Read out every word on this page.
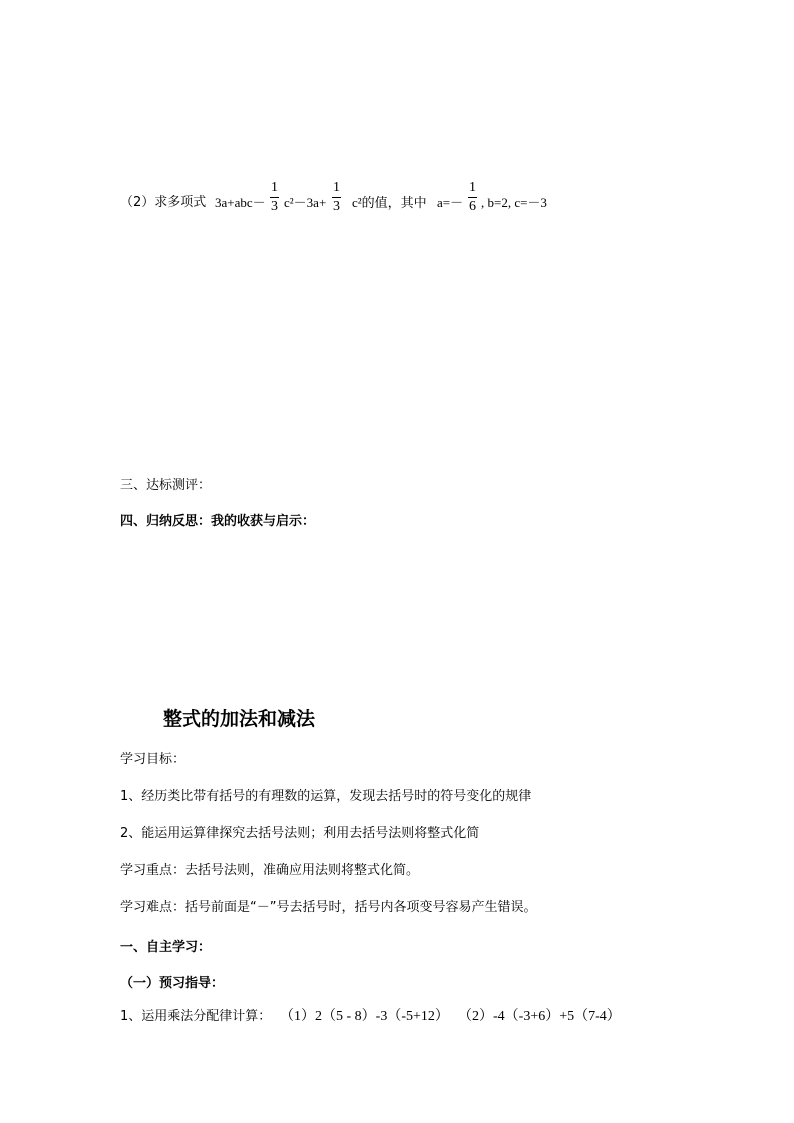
（2）求多项式 $3a+abc- \frac{1}{3} c^2-3a+ \frac{1}{3} c^2$的值，其中 $a=- \frac{1}{6}$ , b=2, c=－3
三、达标测评：
四、归纳反思：我的收获与启示：
整式的加法和减法
学习目标：
1、经历类比带有括号的有理数的运算，发现去括号时的符号变化的规律
2、能运用运算律探究去括号法则；利用去括号法则将整式化简
学习重点：去括号法则，准确应用法则将整式化简。
学习难点：括号前面是“－”号去括号时，括号内各项变号容易产生错误。
一、自主学习：
（一）预习指导：
1、运用乘法分配律计算： （1）2（5 - 8）-3（-5+12） （2）-4（-3+6）+5（7-4）
